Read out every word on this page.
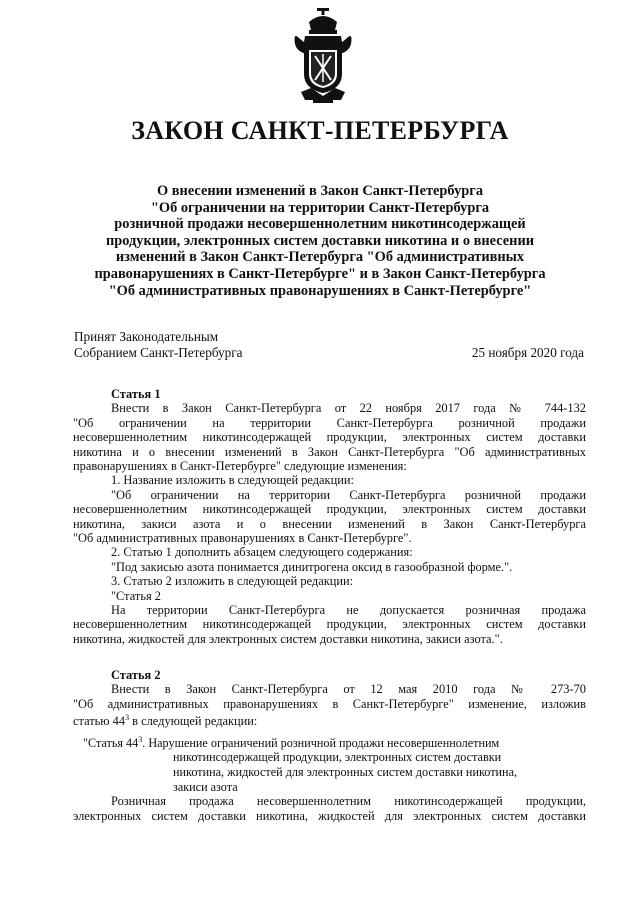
ЗАКОН САНКТ-ПЕТЕРБУРГА
О внесении изменений в Закон Санкт-Петербурга
"Об ограничении на территории Санкт-Петербурга
розничной продажи несовершеннолетним никотинсодержащей
продукции, электронных систем доставки никотина и о внесении
изменений в Закон Санкт-Петербурга "Об административных
правонарушениях в Санкт-Петербурге" и в Закон Санкт-Петербурга
"Об административных правонарушениях в Санкт-Петербурге"
Принят Законодательным
Собранием Санкт-Петербурга	25 ноября 2020 года
Статья 1
Внести в Закон Санкт-Петербурга от 22 ноября 2017 года № 744-132
"Об ограничении на территории Санкт-Петербурга розничной продажи
несовершеннолетним никотинсодержащей продукции, электронных систем доставки
никотина и о внесении изменений в Закон Санкт-Петербурга "Об административных
правонарушениях в Санкт-Петербурге" следующие изменения:
1. Название изложить в следующей редакции:
"Об ограничении на территории Санкт-Петербурга розничной продажи
несовершеннолетним никотинсодержащей продукции, электронных систем доставки
никотина, закиси азота и о внесении изменений в Закон Санкт-Петербурга
"Об административных правонарушениях в Санкт-Петербурге".
2. Статью 1 дополнить абзацем следующего содержания:
"Под закисью азота понимается динитрогена оксид в газообразной форме.".
3. Статью 2 изложить в следующей редакции:
"Статья 2
На территории Санкт-Петербурга не допускается розничная продажа
несовершеннолетним никотинсодержащей продукции, электронных систем доставки
никотина, жидкостей для электронных систем доставки никотина, закиси азота.".
Статья 2
Внести в Закон Санкт-Петербурга от 12 мая 2010 года № 273-70
"Об административных правонарушениях в Санкт-Петербурге" изменение, изложив
статью $44^3$ в следующей редакции:
"Статья $44^3$. Нарушение ограничений розничной продажи несовершеннолетним
никотинсодержащей продукции, электронных систем доставки
никотина, жидкостей для электронных систем доставки никотина,
закиси азота
Розничная продажа несовершеннолетним никотинсодержащей продукции,
электронных систем доставки никотина, жидкостей для электронных систем доставки
